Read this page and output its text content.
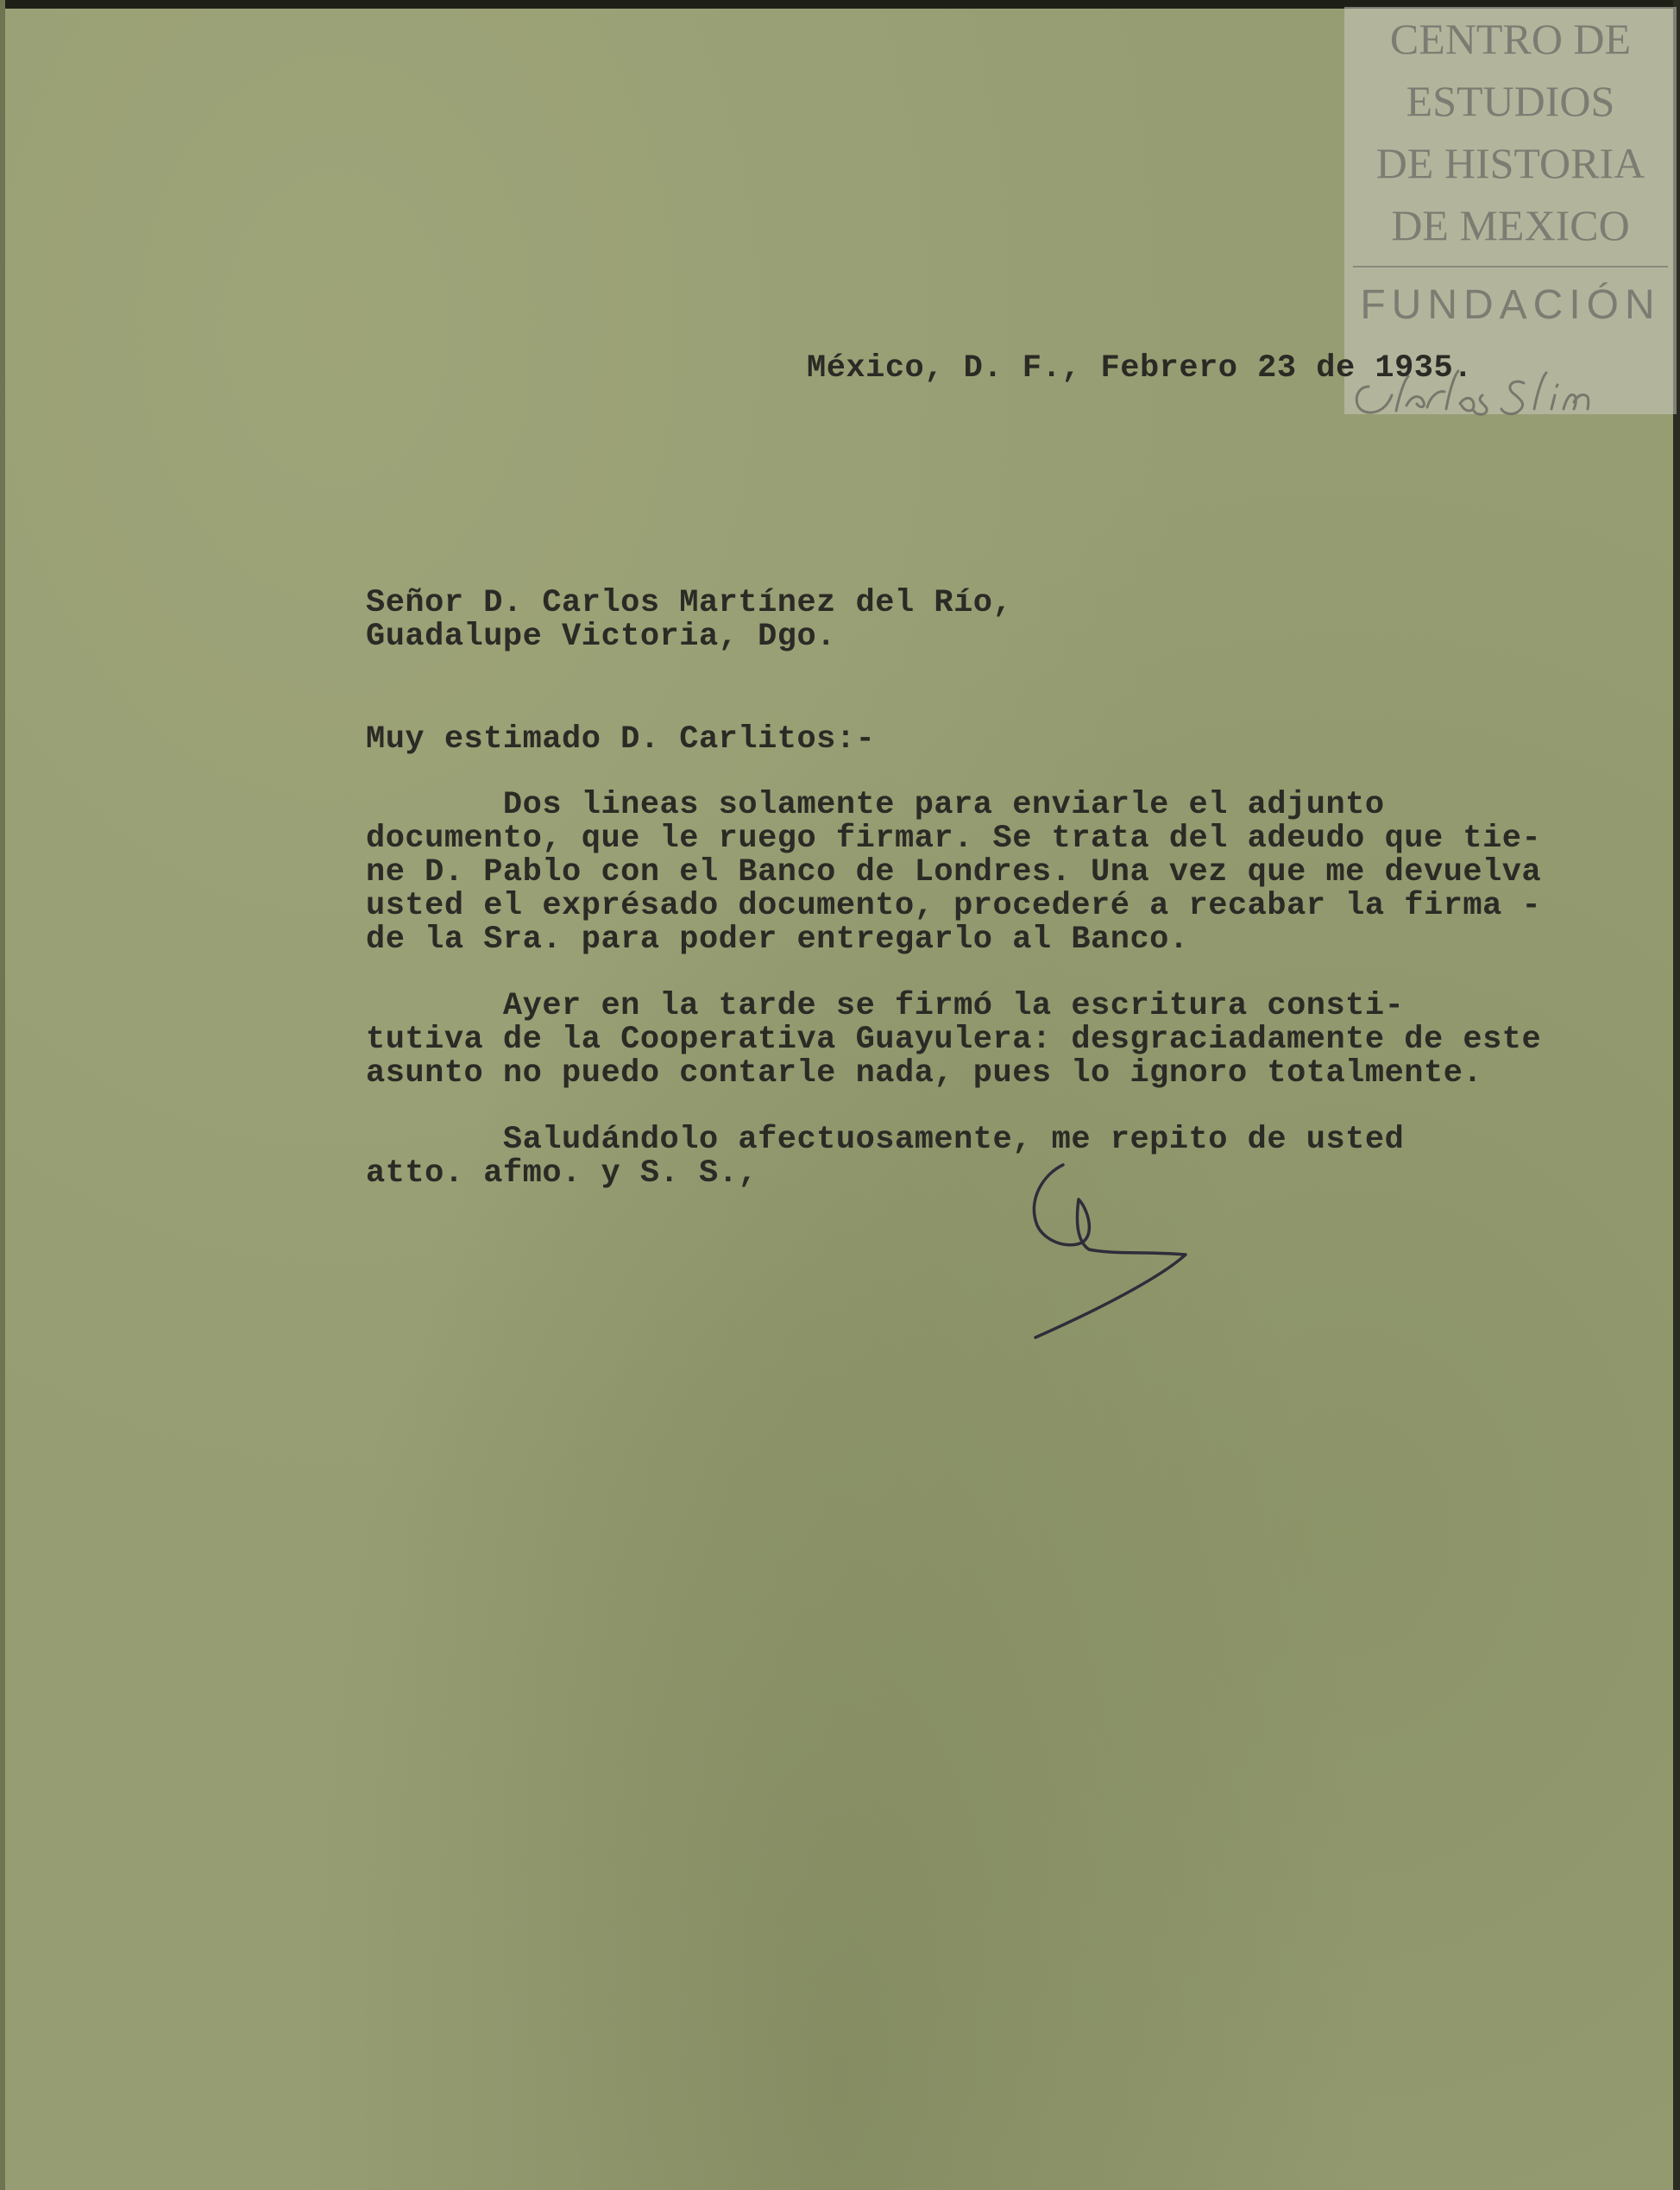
CENTRO DE
ESTUDIOS
DE HISTORIA
DE MEXICO
FUNDACIÓN
México, D. F., Febrero 23 de 1935.
Señor D. Carlos Martínez del Río,
Guadalupe Victoria, Dgo.
Muy estimado D. Carlitos:-
Dos lineas solamente para enviarle el adjunto
documento, que le ruego firmar. Se trata del adeudo que tie-
ne D. Pablo con el Banco de Londres. Una vez que me devuelva
usted el exprésado documento, procederé a recabar la firma -
de la Sra. para poder entregarlo al Banco.
Ayer en la tarde se firmó la escritura consti-
tutiva de la Cooperativa Guayulera: desgraciadamente de este
asunto no puedo contarle nada, pues lo ignoro totalmente.
Saludándolo afectuosamente, me repito de usted
atto. afmo. y S. S.,
